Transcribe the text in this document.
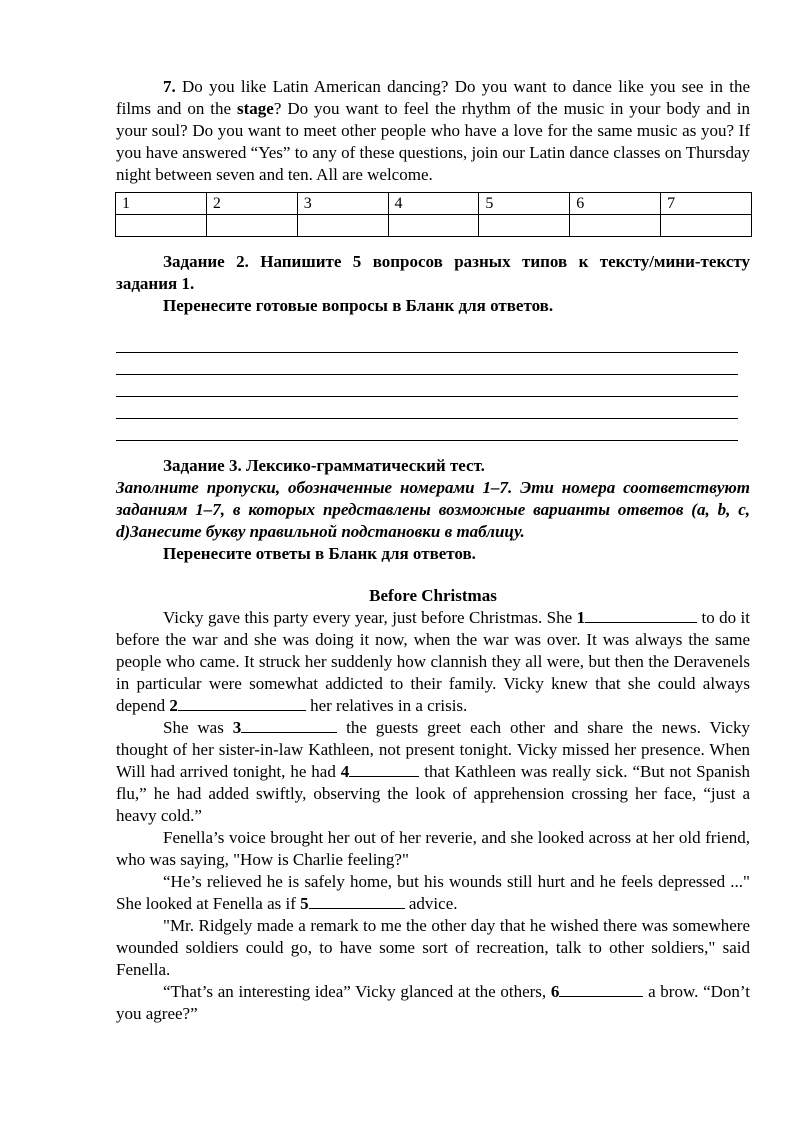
7. Do you like Latin American dancing? Do you want to dance like you see in the films and on the stage? Do you want to feel the rhythm of the music in your body and in your soul? Do you want to meet other people who have a love for the same music as you? If you have answered “Yes” to any of these questions, join our Latin dance classes on Thursday night between seven and ten. All are welcome.

1	2	3	4	5	6	7

Задание 2. Напишите 5 вопросов разных типов к тексту/мини-тексту задания 1.

Перенесите готовые вопросы в Бланк для ответов.

Задание 3. Лексико-грамматический тест.

Заполните пропуски, обозначенные номерами 1–7. Эти номера соответствуют заданиям 1–7, в которых представлены возможные варианты ответов (a, b, c, d)Занесите букву правильной подстановки в таблицу.

Перенесите ответы в Бланк для ответов.

Before Christmas

Vicky gave this party every year, just before Christmas. She 1	to do it before the war and she was doing it now, when the war was over. It was always the same people who came. It struck her suddenly how clannish they all were, but then the Deravenels in particular were somewhat addicted to their family. Vicky knew that she could always depend 2	her relatives in a crisis.

She was 3	the guests greet each other and share the news. Vicky thought of her sister-in-law Kathleen, not present tonight. Vicky missed her presence. When Will had arrived tonight, he had 4	that Kathleen was really sick. “But not Spanish flu,” he had added swiftly, observing the look of apprehension crossing her face, “just a heavy cold.”

Fenella’s voice brought her out of her reverie, and she looked across at her old friend, who was saying, "How is Charlie feeling?"

“He’s relieved he is safely home, but his wounds still hurt and he feels depressed ..." She looked at Fenella as if 5	advice.

"Mr. Ridgely made a remark to me the other day that he wished there was somewhere wounded soldiers could go, to have some sort of recreation, talk to other soldiers," said Fenella.

“That’s an interesting idea” Vicky glanced at the others, 6	a brow. “Don’t you agree?”
